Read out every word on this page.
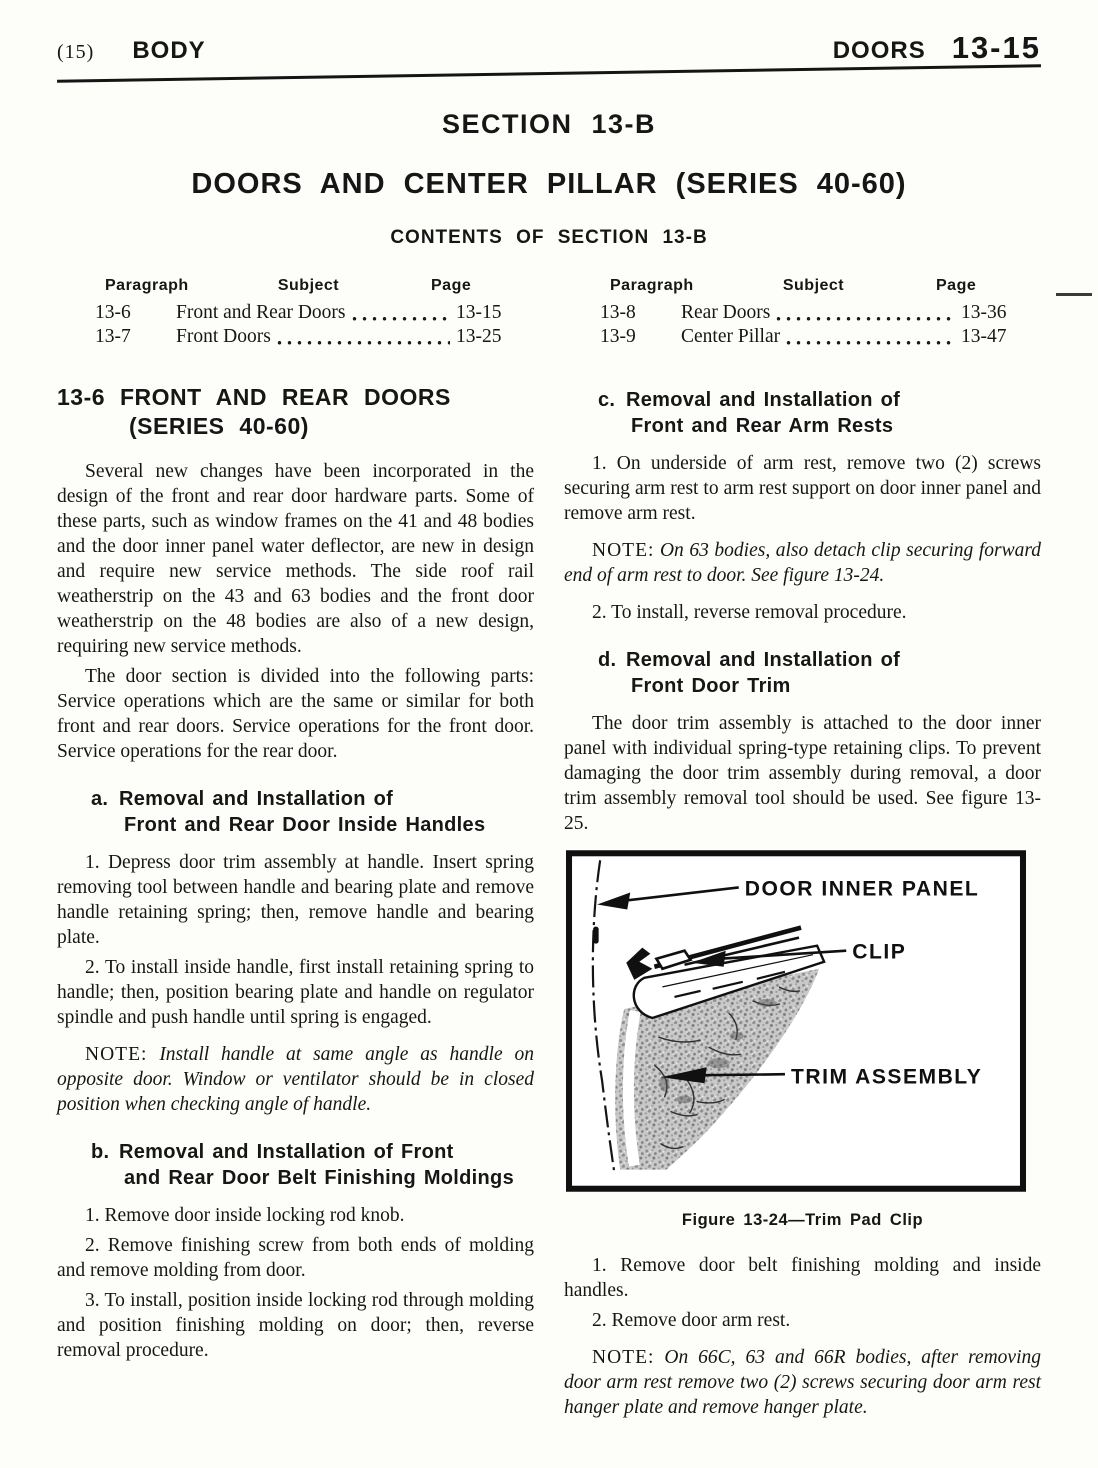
(15) BODY	DOORS 13-15
SECTION 13-B
DOORS AND CENTER PILLAR (SERIES 40-60)
CONTENTS OF SECTION 13-B
Paragraph	Subject	Page
13-6	Front and Rear Doors	13-15
13-7	Front Doors	13-25
Paragraph	Subject	Page
13-8	Rear Doors	13-36
13-9	Center Pillar	13-47
13-6 FRONT AND REAR DOORS
(SERIES 40-60)

Several new changes have been incorporated in the design of the front and rear door hardware parts. Some of these parts, such as window frames on the 41 and 48 bodies and the door inner panel water deflector, are new in design and require new service methods. The side roof rail weatherstrip on the 43 and 63 bodies and the front door weatherstrip on the 48 bodies are also of a new design, requiring new service methods.

The door section is divided into the following parts: Service operations which are the same or similar for both front and rear doors. Service operations for the front door. Service operations for the rear door.

a. Removal and Installation of
Front and Rear Door Inside Handles

1. Depress door trim assembly at handle. Insert spring removing tool between handle and bearing plate and remove handle retaining spring; then, remove handle and bearing plate.

2. To install inside handle, first install retaining spring to handle; then, position bearing plate and handle on regulator spindle and push handle until spring is engaged.

NOTE: Install handle at same angle as handle on opposite door. Window or ventilator should be in closed position when checking angle of handle.

b. Removal and Installation of Front
and Rear Door Belt Finishing Moldings

1. Remove door inside locking rod knob.

2. Remove finishing screw from both ends of molding and remove molding from door.

3. To install, position inside locking rod through molding and position finishing molding on door; then, reverse removal procedure.

c. Removal and Installation of
Front and Rear Arm Rests

1. On underside of arm rest, remove two (2) screws securing arm rest to arm rest support on door inner panel and remove arm rest.

NOTE: On 63 bodies, also detach clip securing forward end of arm rest to door. See figure 13-24.

2. To install, reverse removal procedure.

d. Removal and Installation of
Front Door Trim

The door trim assembly is attached to the door inner panel with individual spring-type retaining clips. To prevent damaging the door trim assembly during removal, a door trim assembly removal tool should be used. See figure 13-25.

DOOR INNER PANEL
CLIP
TRIM ASSEMBLY
Figure 13-24—Trim Pad Clip

1. Remove door belt finishing molding and inside handles.

2. Remove door arm rest.

NOTE: On 66C, 63 and 66R bodies, after removing door arm rest remove two (2) screws securing door arm rest hanger plate and remove hanger plate.
